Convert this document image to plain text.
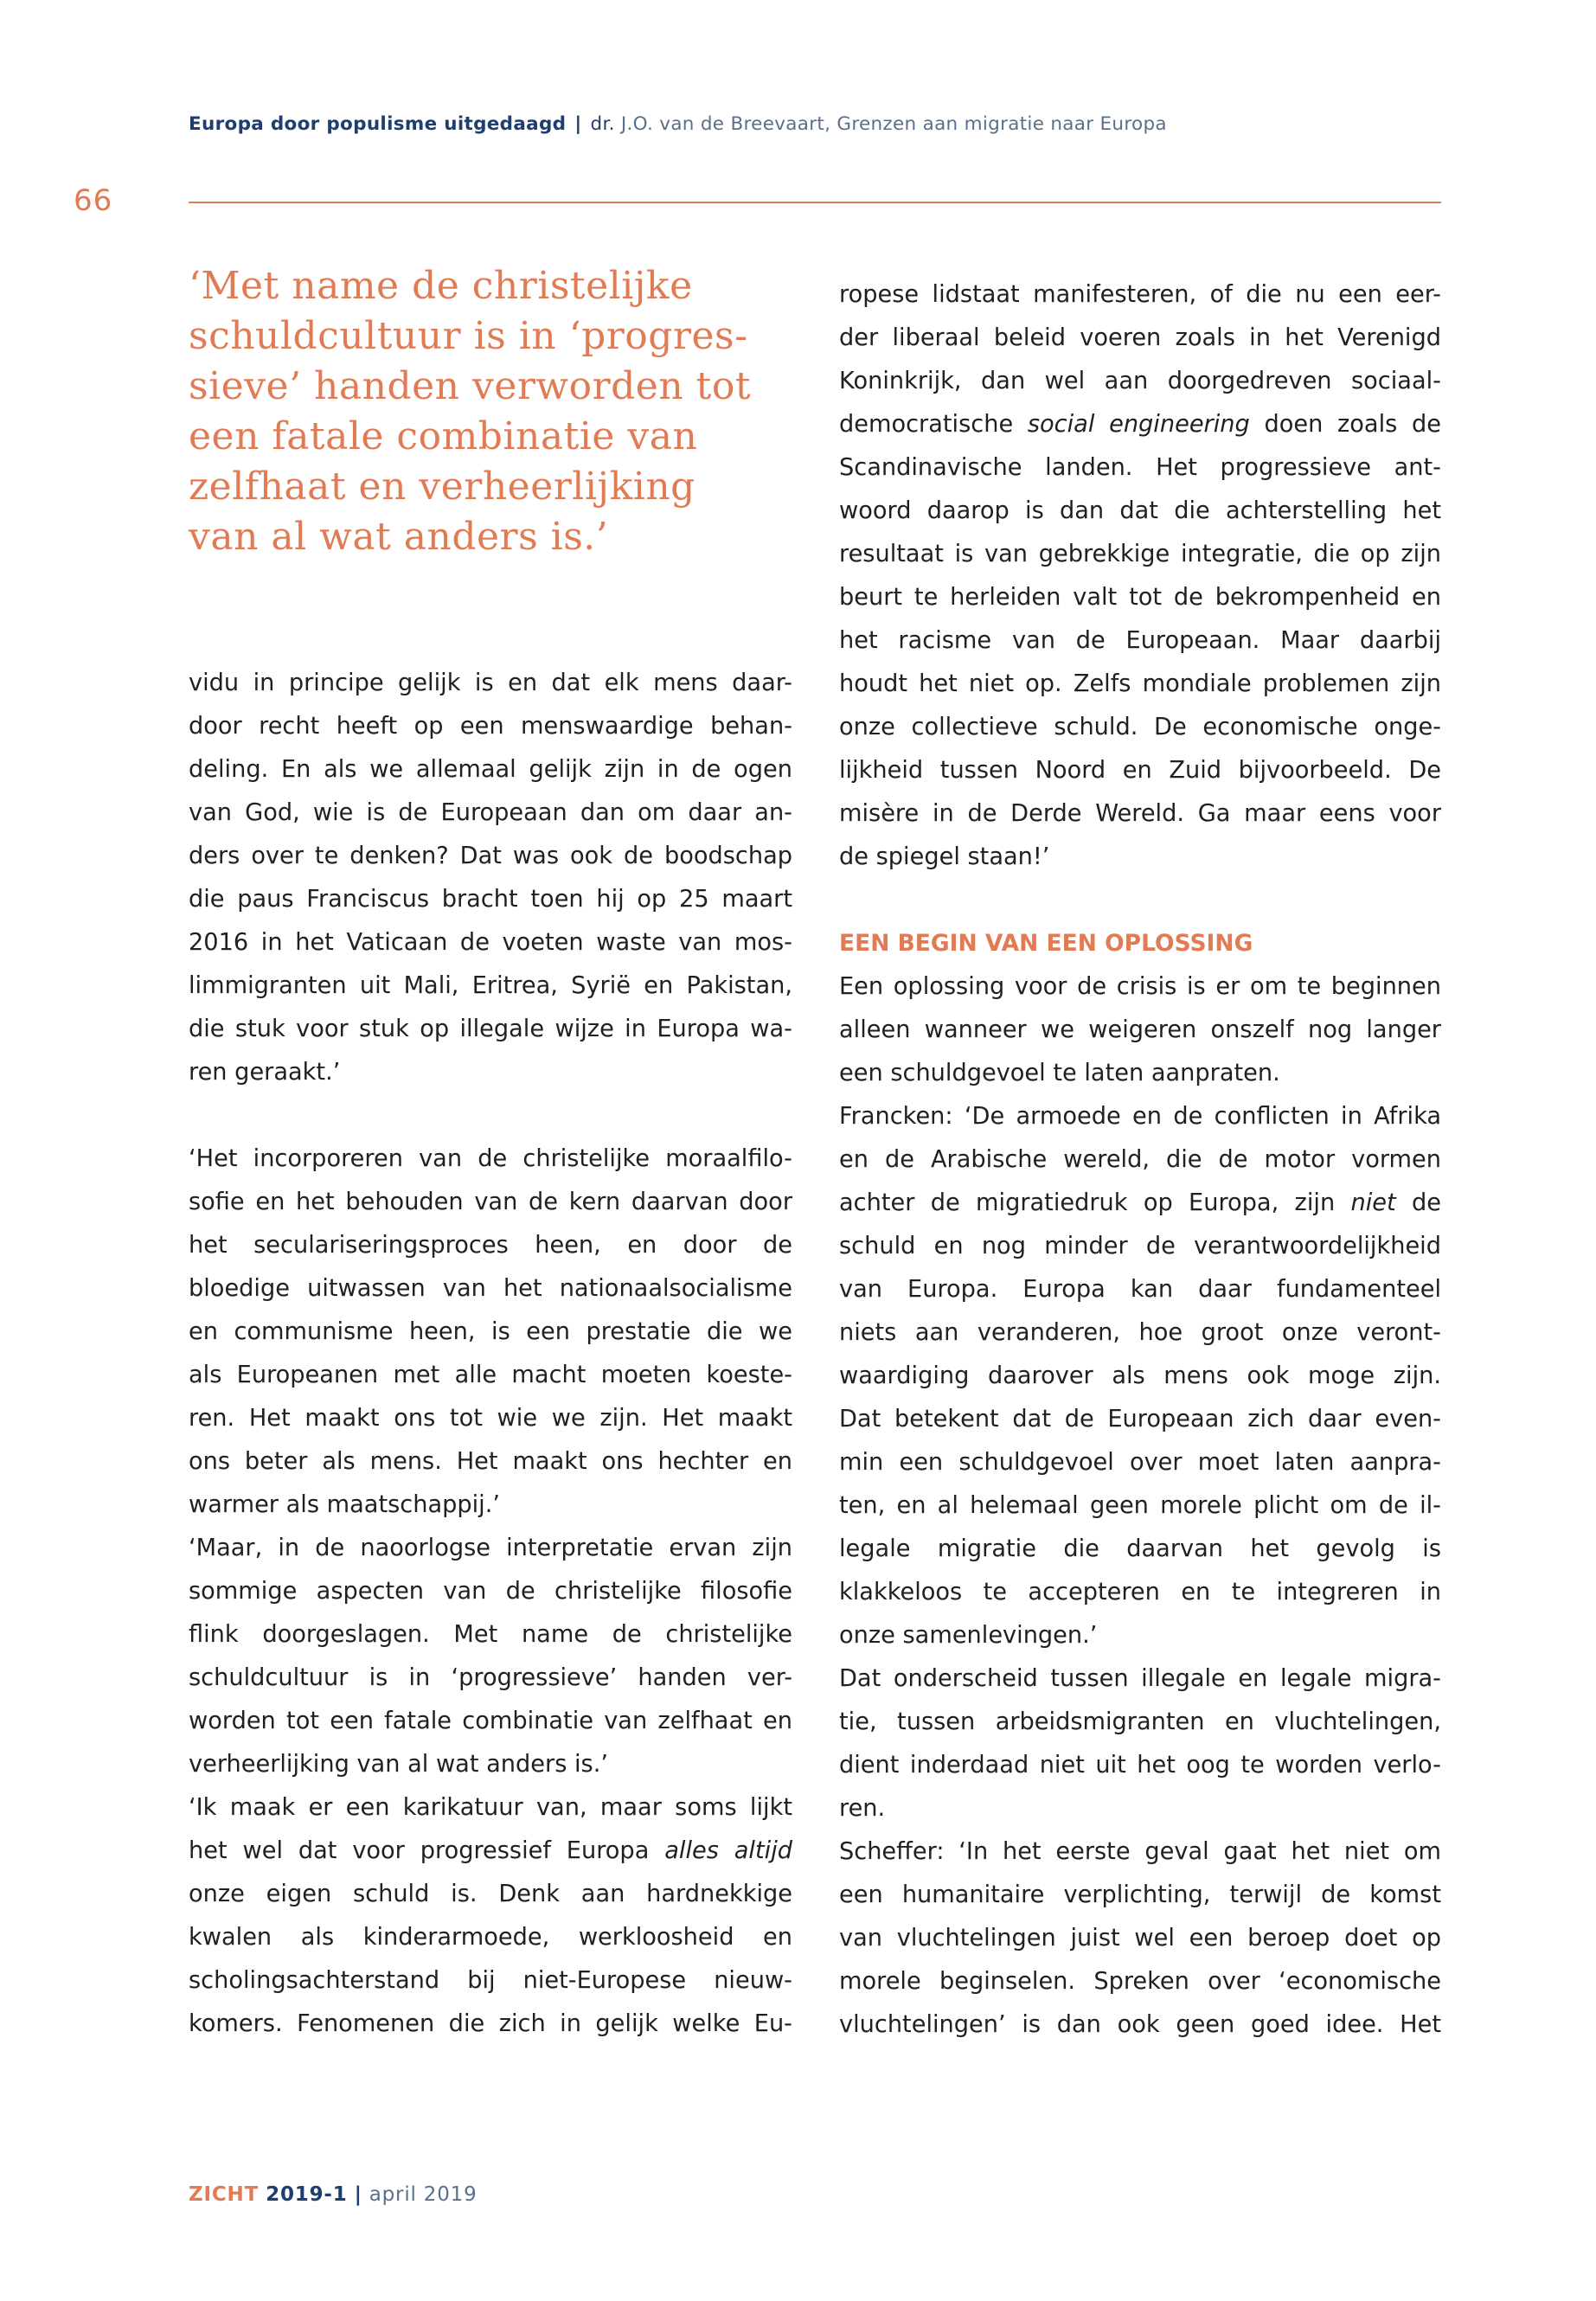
Europa door populisme uitgedaagd | dr. J.O. van de Breevaart, Grenzen aan migratie naar Europa
66
‘Met name de christelijke
schuldcultuur is in ‘progres-
sieve’ handen verworden tot
een fatale combinatie van
zelfhaat en verheerlijking
van al wat anders is.’
vidu in principe gelijk is en dat elk mens daar-
door recht heeft op een menswaardige behan-
deling. En als we allemaal gelijk zijn in de ogen
van God, wie is de Europeaan dan om daar an-
ders over te denken? Dat was ook de boodschap
die paus Franciscus bracht toen hij op 25 maart
2016 in het Vaticaan de voeten waste van mos-
limmigranten uit Mali, Eritrea, Syrië en Pakistan,
die stuk voor stuk op illegale wijze in Europa wa-
ren geraakt.’
‘Het incorporeren van de christelijke moraalfilo-
sofie en het behouden van de kern daarvan door
het seculariseringsproces heen, en door de
bloedige uitwassen van het nationaalsocialisme
en communisme heen, is een prestatie die we
als Europeanen met alle macht moeten koeste-
ren. Het maakt ons tot wie we zijn. Het maakt
ons beter als mens. Het maakt ons hechter en
warmer als maatschappij.’
‘Maar, in de naoorlogse interpretatie ervan zijn
sommige aspecten van de christelijke filosofie
flink doorgeslagen. Met name de christelijke
schuldcultuur is in ‘progressieve’ handen ver-
worden tot een fatale combinatie van zelfhaat en
verheerlijking van al wat anders is.’
‘Ik maak er een karikatuur van, maar soms lijkt
het wel dat voor progressief Europa alles altijd
onze eigen schuld is. Denk aan hardnekkige
kwalen als kinderarmoede, werkloosheid en
scholingsachterstand bij niet-Europese nieuw-
komers. Fenomenen die zich in gelijk welke Eu-
ropese lidstaat manifesteren, of die nu een eer-
der liberaal beleid voeren zoals in het Verenigd
Koninkrijk, dan wel aan doorgedreven sociaal-
democratische social engineering doen zoals de
Scandinavische landen. Het progressieve ant-
woord daarop is dan dat die achterstelling het
resultaat is van gebrekkige integratie, die op zijn
beurt te herleiden valt tot de bekrompenheid en
het racisme van de Europeaan. Maar daarbij
houdt het niet op. Zelfs mondiale problemen zijn
onze collectieve schuld. De economische onge-
lijkheid tussen Noord en Zuid bijvoorbeeld. De
misère in de Derde Wereld. Ga maar eens voor
de spiegel staan!’
EEN BEGIN VAN EEN OPLOSSING
Een oplossing voor de crisis is er om te beginnen
alleen wanneer we weigeren onszelf nog langer
een schuldgevoel te laten aanpraten.
Francken: ‘De armoede en de conflicten in Afrika
en de Arabische wereld, die de motor vormen
achter de migratiedruk op Europa, zijn niet de
schuld en nog minder de verantwoordelijkheid
van Europa. Europa kan daar fundamenteel
niets aan veranderen, hoe groot onze veront-
waardiging daarover als mens ook moge zijn.
Dat betekent dat de Europeaan zich daar even-
min een schuldgevoel over moet laten aanpra-
ten, en al helemaal geen morele plicht om de il-
legale migratie die daarvan het gevolg is
klakkeloos te accepteren en te integreren in
onze samenlevingen.’
Dat onderscheid tussen illegale en legale migra-
tie, tussen arbeidsmigranten en vluchtelingen,
dient inderdaad niet uit het oog te worden verlo-
ren.
Scheffer: ‘In het eerste geval gaat het niet om
een humanitaire verplichting, terwijl de komst
van vluchtelingen juist wel een beroep doet op
morele beginselen. Spreken over ‘economische
vluchtelingen’ is dan ook geen goed idee. Het
ZICHT 2019-1 | april 2019
